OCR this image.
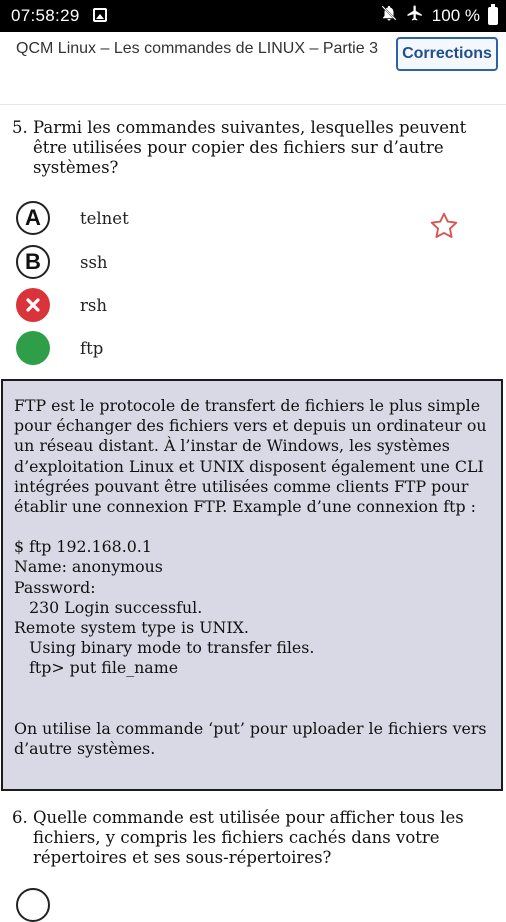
07:58:29	100 %
QCM Linux – Les commandes de LINUX – Partie 3	Corrections
5. Parmi les commandes suivantes, lesquelles peuvent être utilisées pour copier des fichiers sur d’autre systèmes?
A	telnet
B	ssh
rsh
ftp

FTP est le protocole de transfert de fichiers le plus simple pour échanger des fichiers vers et depuis un ordinateur ou un réseau distant. À l’instar de Windows, les systèmes d’exploitation Linux et UNIX disposent également une CLI intégrées pouvant être utilisées comme clients FTP pour établir une connexion FTP. Example d’une connexion ftp :

$ ftp 192.168.0.1
Name: anonymous
Password:
230 Login successful.
Remote system type is UNIX.
Using binary mode to transfer files.
ftp> put file_name

On utilise la commande ‘put’ pour uploader le fichiers vers d’autre systèmes.

6. Quelle commande est utilisée pour afficher tous les fichiers, y compris les fichiers cachés dans votre répertoires et ses sous-répertoires?
